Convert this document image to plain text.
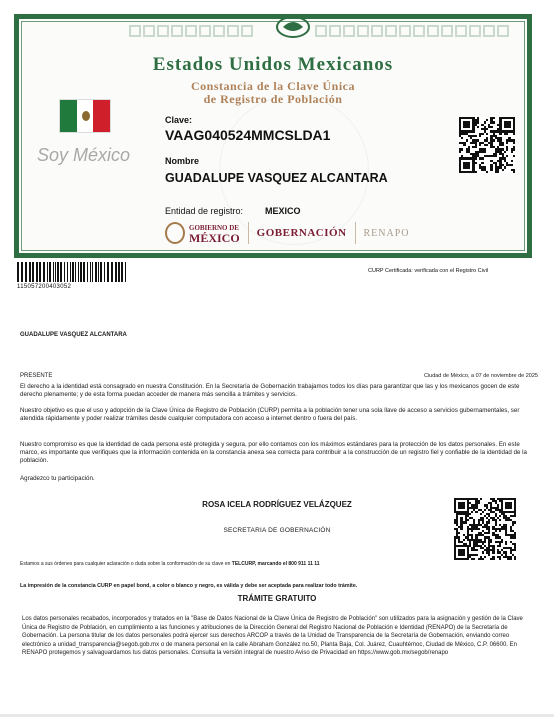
Estados Unidos Mexicanos
Constancia de la Clave Única
de Registro de Población
Soy México
Clave:
VAAG040524MMCSLDA1
Nombre
GUADALUPE VASQUEZ ALCANTARA
Entidad de registro: MEXICO
GOBIERNO DE
MÉXICO GOBERNACIÓN RENAPO
115057200403052
CURP Certificada: verificada con el Registro Civil
GUADALUPE VASQUEZ ALCANTARA
PRESENTE	Ciudad de México, a 07 de noviembre de 2025
El derecho a la identidad está consagrado en nuestra Constitución. En la Secretaría de Gobernación trabajamos todos los días para garantizar que las y los mexicanos gocen de este derecho plenamente; y de esta forma puedan acceder de manera más sencilla a trámites y servicios.
Nuestro objetivo es que el uso y adopción de la Clave Única de Registro de Población (CURP) permita a la población tener una sola llave de acceso a servicios gubernamentales, ser atendida rápidamente y poder realizar trámites desde cualquier computadora con acceso a internet dentro o fuera del país.
Nuestro compromiso es que la identidad de cada persona esté protegida y segura, por ello contamos con los máximos estándares para la protección de los datos personales. En este marco, es importante que verifiques que la información contenida en la constancia anexa sea correcta para contribuir a la construcción de un registro fiel y confiable de la identidad de la población.
Agradezco tu participación.
ROSA ICELA RODRÍGUEZ VELÁZQUEZ
SECRETARIA DE GOBERNACIÓN
Estamos a sus órdenes para cualquier aclaración o duda sobre la conformación de su clave en TELCURP, marcando el 800 911 11 11
La impresión de la constancia CURP en papel bond, a color o blanco y negro, es válida y debe ser aceptada para realizar todo trámite.
TRÁMITE GRATUITO
Los datos personales recabados, incorporados y tratados en la "Base de Datos Nacional de la Clave Única de Registro de Población" son utilizados para la asignación y gestión de la Clave Única de Registro de Población, en cumplimiento a las funciones y atribuciones de la Dirección General del Registro Nacional de Población e Identidad (RENAPO) de la Secretaría de Gobernación. La persona titular de los datos personales podrá ejercer sus derechos ARCOP a través de la Unidad de Transparencia de la Secretaría de Gobernación, enviando correo electrónico a unidad_transparencia@segob.gob.mx o de manera personal en la calle Abraham González no.50, Planta Baja, Col. Juárez, Cuauhtémoc, Ciudad de México, C.P. 06600. En RENAPO protegemos y salvaguardamos tus datos personales. Consulta la versión integral de nuestro Aviso de Privacidad en https://www.gob.mx/segob/renapo
